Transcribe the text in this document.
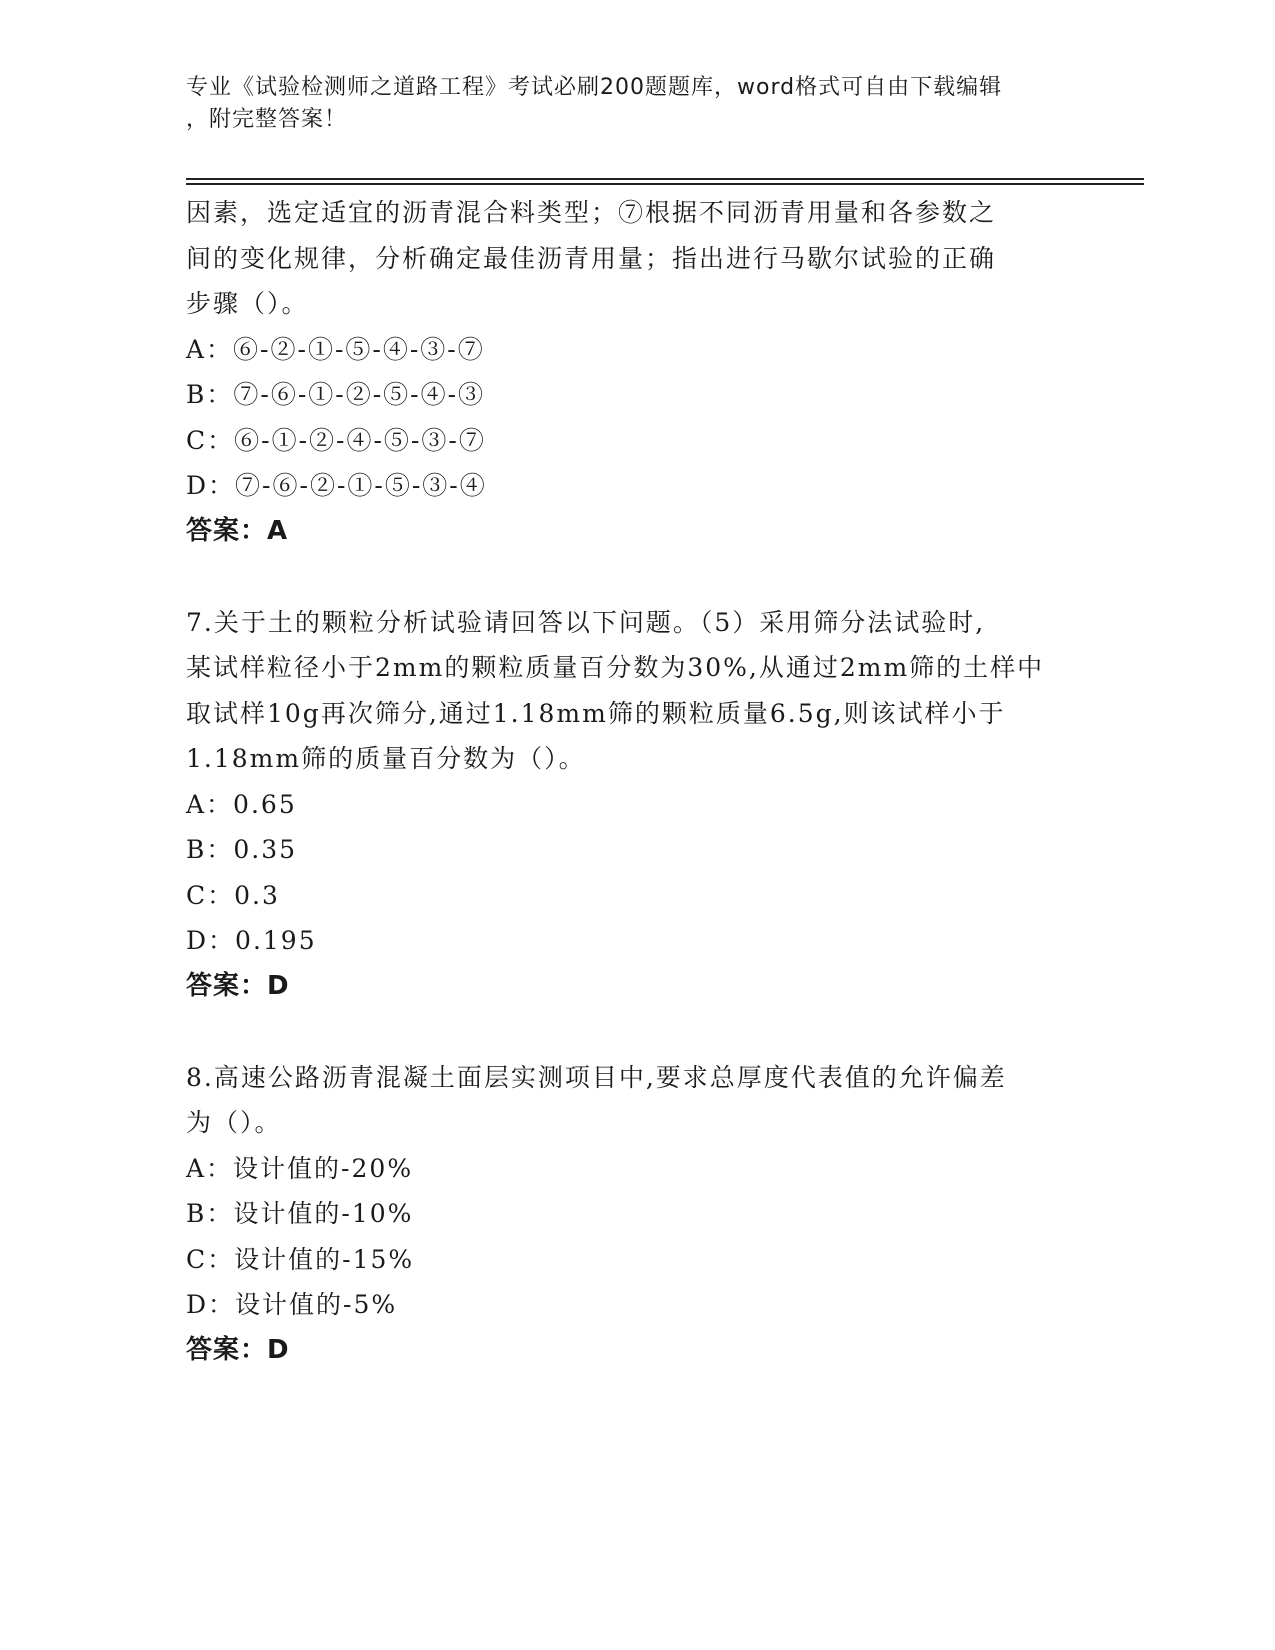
专业《试验检测师之道路工程》考试必刷200题题库，word格式可自由下载编辑
，附完整答案！
因素，选定适宜的沥青混合料类型；⑦根据不同沥青用量和各参数之
间的变化规律，分析确定最佳沥青用量；指出进行马歇尔试验的正确
步骤（）。
A：⑥-②-①-⑤-④-③-⑦
B：⑦-⑥-①-②-⑤-④-③
C：⑥-①-②-④-⑤-③-⑦
D：⑦-⑥-②-①-⑤-③-④
答案：A
7.关于土的颗粒分析试验请回答以下问题。（5）采用筛分法试验时,
某试样粒径小于2mm的颗粒质量百分数为30%,从通过2mm筛的土样中
取试样10g再次筛分,通过1.18mm筛的颗粒质量6.5g,则该试样小于
1.18mm筛的质量百分数为（）。
A：0.65
B：0.35
C：0.3
D：0.195
答案：D
8.高速公路沥青混凝土面层实测项目中,要求总厚度代表值的允许偏差
为（）。
A：设计值的-20%
B：设计值的-10%
C：设计值的-15%
D：设计值的-5%
答案：D
